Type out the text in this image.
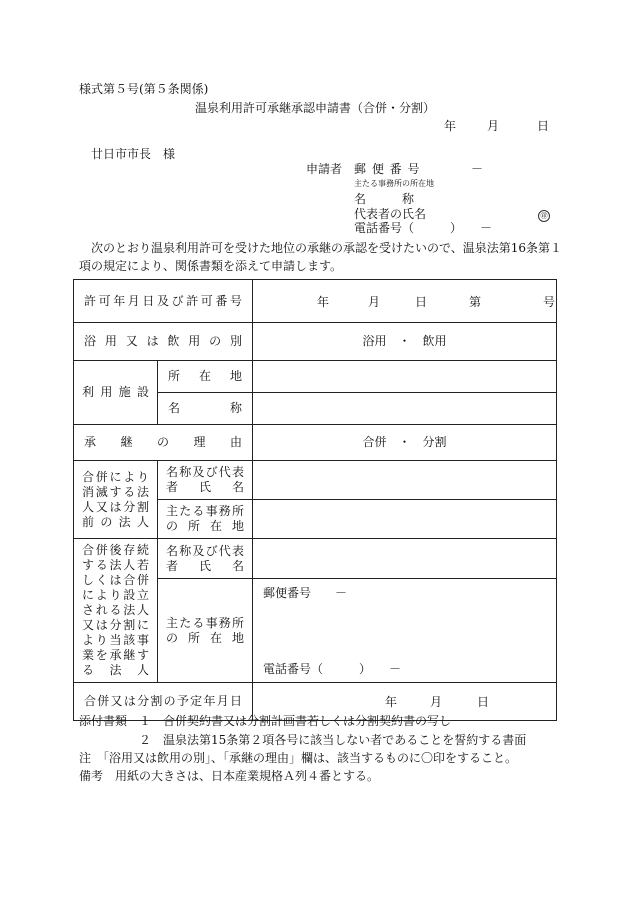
様式第５号(第５条関係)
温泉利用許可承継承認申請書（合併・分割）
年	月	日
廿日市市長　様
申請者 郵 便 番 号	－
主たる事務所の所在地
名　　　称
代表者の氏名	㊞
電話番号（　　　）　　－
　次のとおり温泉利用許可を受けた地位の承継の承認を受けたいので、温泉法第16条第１
項の規定により、関係書類を添えて申請します。
許可年月日及び許可番号		年 月 日 第 号

浴用又は飲用の別		浴用　・　飲用

利用施設	所在地	

	名称	

承継の理由		合併　・　分割

合併により消滅する法人又は分割前の法人	名称及び代表者氏名	

	主たる事務所の所在地	

合併後存続する法人若しくは合併により設立される法人又は分割により当該事業を承継する法人	名称及び代表者氏名	

	主たる事務所の所在地	郵便番号　　－
電話番号（　　　）　　－

合併又は分割の予定年月日		年 月 日
添付書類　１　合併契約書又は分割計画書若しくは分割契約書の写し
　　　　　２　温泉法第15条第２項各号に該当しない者であることを誓約する書面
注　「浴用又は飲用の別」、「承継の理由」欄は、該当するものに〇印をすること。
備考　用紙の大きさは、日本産業規格Ａ列４番とする。
